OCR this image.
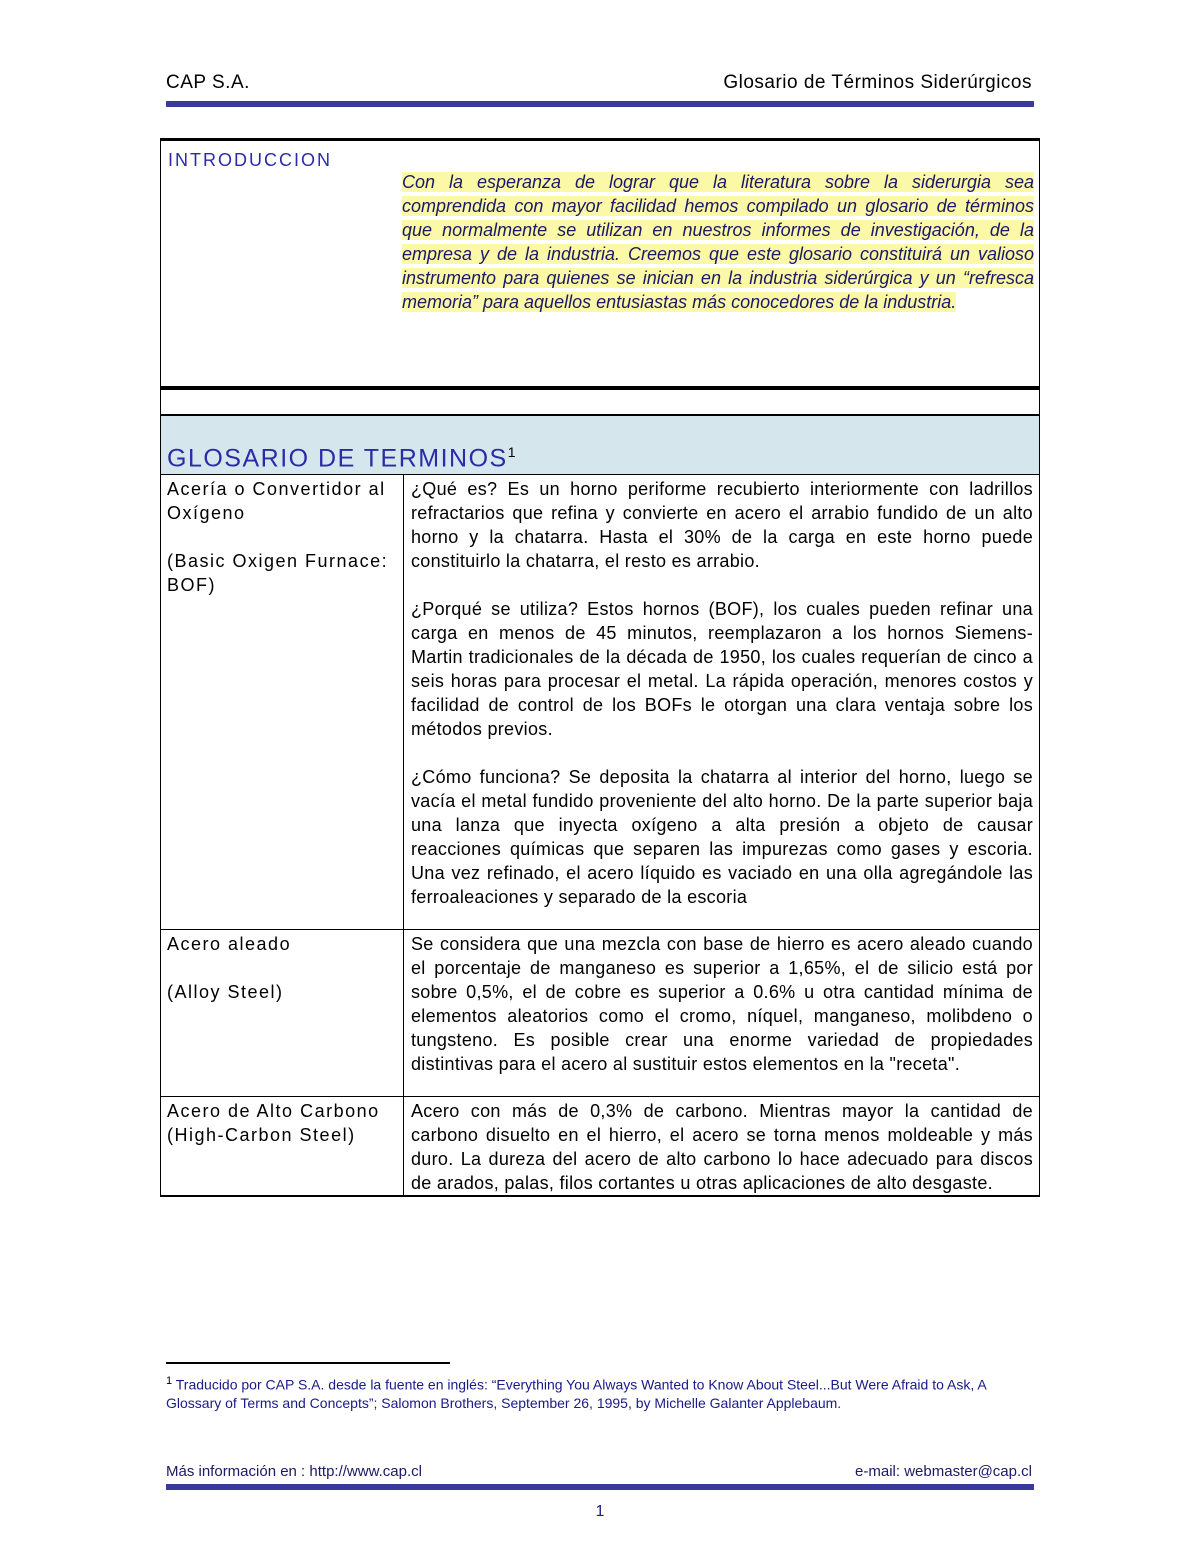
CAP S.A.	Glosario de Términos Siderúrgicos
INTRODUCCION
Con la esperanza de lograr que la literatura sobre la siderurgia sea comprendida con mayor facilidad hemos compilado un glosario de términos que normalmente se utilizan en nuestros informes de investigación, de la empresa y de la industria. Creemos que este glosario constituirá un valioso instrumento para quienes se inician en la industria siderúrgica y un “refresca memoria” para aquellos entusiastas más conocedores de la industria.
GLOSARIO DE TERMINOS$^1$

Acería o Convertidor al Oxígeno

(Basic Oxigen Furnace: BOF)

¿Qué es? Es un horno periforme recubierto interiormente con ladrillos refractarios que refina y convierte en acero el arrabio fundido de un alto horno y la chatarra. Hasta el 30% de la carga en este horno puede constituirlo la chatarra, el resto es arrabio.

¿Porqué se utiliza? Estos hornos (BOF), los cuales pueden refinar una carga en menos de 45 minutos, reemplazaron a los hornos Siemens-Martin tradicionales de la década de 1950, los cuales requerían de cinco a seis horas para procesar el metal. La rápida operación, menores costos y facilidad de control de los BOFs le otorgan una clara ventaja sobre los métodos previos.

¿Cómo funciona? Se deposita la chatarra al interior del horno, luego se vacía el metal fundido proveniente del alto horno. De la parte superior baja una lanza que inyecta oxígeno a alta presión a objeto de causar reacciones químicas que separen las impurezas como gases y escoria. Una vez refinado, el acero líquido es vaciado en una olla agregándole las ferroaleaciones y separado de la escoria

Acero aleado

(Alloy Steel)

Se considera que una mezcla con base de hierro es acero aleado cuando el porcentaje de manganeso es superior a 1,65%, el de silicio está por sobre 0,5%, el de cobre es superior a 0.6% u otra cantidad mínima de elementos aleatorios como el cromo, níquel, manganeso, molibdeno o tungsteno. Es posible crear una enorme variedad de propiedades distintivas para el acero al sustituir estos elementos en la "receta".

Acero de Alto Carbono

(High-Carbon Steel)

Acero con más de 0,3% de carbono. Mientras mayor la cantidad de carbono disuelto en el hierro, el acero se torna menos moldeable y más duro. La dureza del acero de alto carbono lo hace adecuado para discos de arados, palas, filos cortantes u otras aplicaciones de alto desgaste.

$^1$ Traducido por CAP S.A. desde la fuente en inglés: “Everything You Always Wanted to Know About Steel...But Were Afraid to Ask, A Glossary of Terms and Concepts”; Salomon Brothers, September 26, 1995, by Michelle Galanter Applebaum.
Más información en : http://www.cap.cl	e-mail: webmaster@cap.cl
1
